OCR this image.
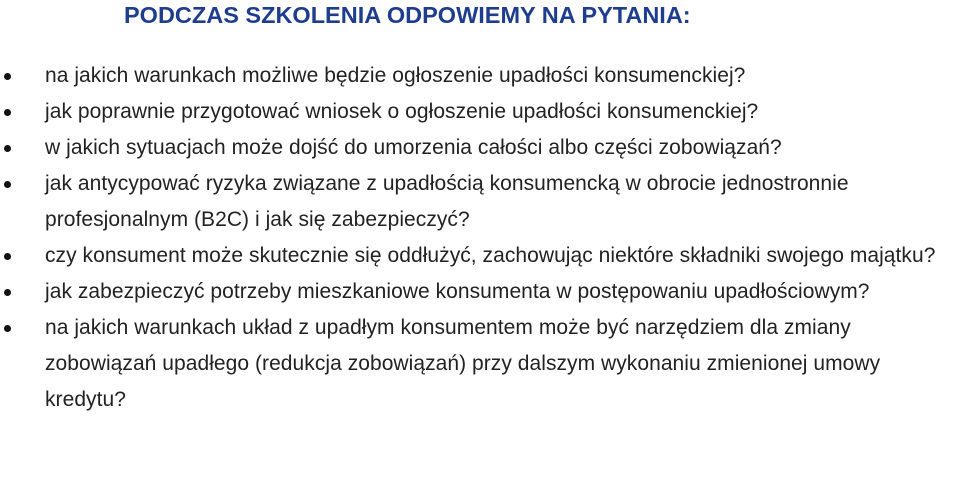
PODCZAS SZKOLENIA ODPOWIEMY NA PYTANIA:
na jakich warunkach możliwe będzie ogłoszenie upadłości konsumenckiej?
jak poprawnie przygotować wniosek o ogłoszenie upadłości konsumenckiej?
w jakich sytuacjach może dojść do umorzenia całości albo części zobowiązań?
jak antycypować ryzyka związane z upadłością konsumencką w obrocie jednostronnie profesjonalnym (B2C) i jak się zabezpieczyć?
czy konsument może skutecznie się oddłużyć, zachowując niektóre składniki swojego majątku?
jak zabezpieczyć potrzeby mieszkaniowe konsumenta w postępowaniu upadłościowym?
na jakich warunkach układ z upadłym konsumentem może być narzędziem dla zmiany zobowiązań upadłego (redukcja zobowiązań) przy dalszym wykonaniu zmienionej umowy kredytu?
